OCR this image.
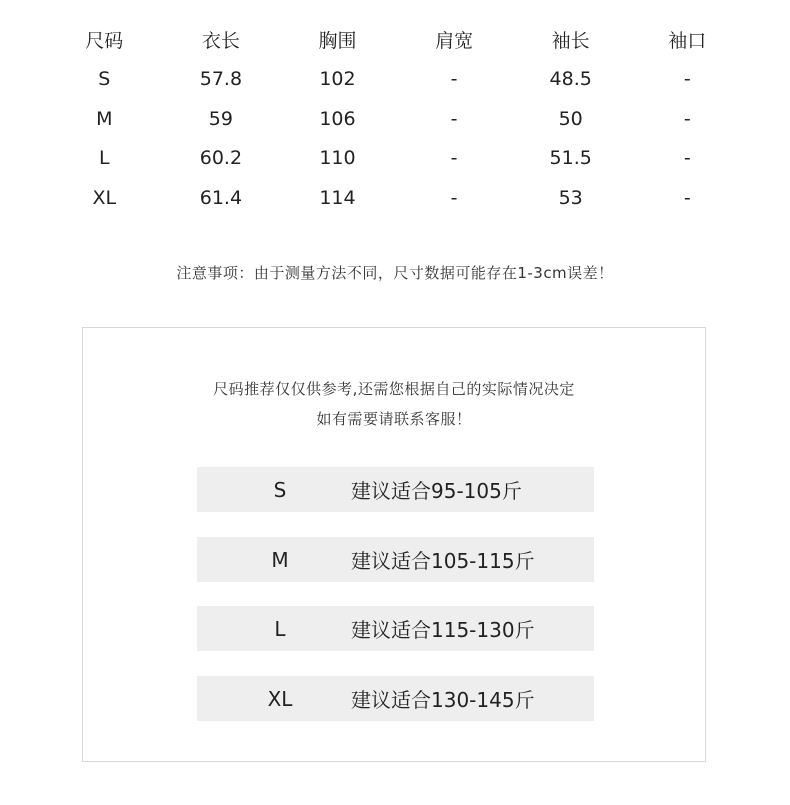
尺码	衣长	胸围	肩宽	袖长	袖口
S	57.8	102	-	48.5	-
M	59	106	-	50	-
L	60.2	110	-	51.5	-
XL	61.4	114	-	53	-
注意事项：由于测量方法不同，尺寸数据可能存在1-3cm误差！
尺码推荐仅仅供参考,还需您根据自己的实际情况决定
如有需要请联系客服！
S	建议适合95-105斤
M	建议适合105-115斤
L	建议适合115-130斤
XL	建议适合130-145斤
